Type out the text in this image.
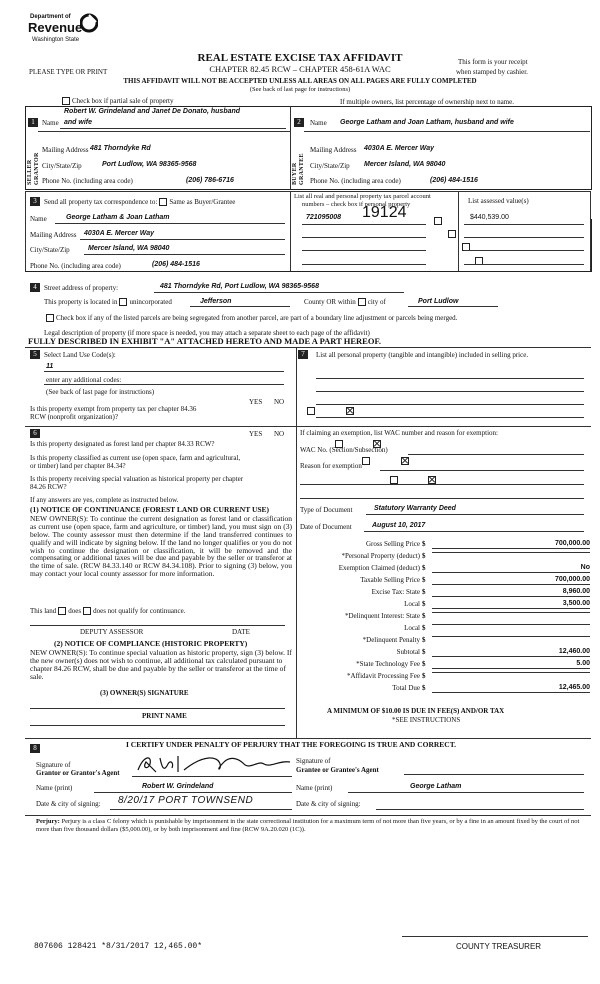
Department of
Revenue
Washington State
REAL ESTATE EXCISE TAX AFFIDAVIT
CHAPTER 82.45 RCW – CHAPTER 458-61A WAC
PLEASE TYPE OR PRINT
This form is your receipt
when stamped by cashier.
THIS AFFIDAVIT WILL NOT BE ACCEPTED UNLESS ALL AREAS ON ALL PAGES ARE FULLY COMPLETED
(See back of last page for instructions)
Check box if partial sale of property	If multiple owners, list percentage of ownership next to name.
1
SELLER GRANTOR
Name
Robert W. Grindeland and Janet De Donato, husband
and wife
Mailing Address 481 Thorndyke Rd
City/State/Zip	Port Ludlow, WA 98365-9568
Phone No. (including area code)	(206) 786-6716
2
BUYER GRANTEE
Name George Latham and Joan Latham, husband and wife
Mailing Address 4030A E. Mercer Way
City/State/Zip Mercer Island, WA 98040
Phone No. (including area code)	(206) 484-1516
3	Send all property tax correspondence to: Same as Buyer/Grantee
Name	George Latham & Joan Latham
Mailing Address 4030A E. Mercer Way
City/State/Zip	Mercer Island, WA 98040
Phone No. (including area code)	(206) 484-1516
List all real and personal property tax parcel account
numbers – check box if personal property	List assessed value(s)
721095008 19124	$440,539.00

4	Street address of property:	481 Thorndyke Rd, Port Ludlow, WA 98365-9568
This property is located in unincorporated	Jefferson	County OR within city of	Port Ludlow
Check box if any of the listed parcels are being segregated from another parcel, are part of a boundary line adjustment or parcels being merged.
Legal description of property (if more space is needed, you may attach a separate sheet to each page of the affidavit)
FULLY DESCRIBED IN EXHIBIT "A" ATTACHED HERETO AND MADE A PART HEREOF.
5	Select Land Use Code(s):
11
enter any additional codes:
(See back of last page for instructions)
YES NO
Is this property exempt from property tax per chapter 84.36 RCW (nonprofit organization)?

7	List all personal property (tangible and intangible) included in selling price.
6	YES NO
Is this property designated as forest land per chapter 84.33 RCW?

Is this property classified as current use (open space, farm and agricultural, or timber) land per chapter 84.34?

Is this property receiving special valuation as historical property per chapter 84.26 RCW?

If any answers are yes, complete as instructed below.
(1) NOTICE OF CONTINUANCE (FOREST LAND OR CURRENT USE)
NEW OWNER(S): To continue the current designation as forest land or classification as current use (open space, farm and agriculture, or timber) land, you must sign on (3) below. The county assessor must then determine if the land transferred continues to qualify and will indicate by signing below. If the land no longer qualifies or you do not wish to continue the designation or classification, it will be removed and the compensating or additional taxes will be due and payable by the seller or transferor at the time of sale. (RCW 84.33.140 or RCW 84.34.108). Prior to signing (3) below, you may contact your local county assessor for more information.
This land does does not qualify for continuance.
DEPUTY ASSESSOR	DATE
(2) NOTICE OF COMPLIANCE (HISTORIC PROPERTY)
NEW OWNER(S): To continue special valuation as historic property, sign (3) below. If the new owner(s) does not wish to continue, all additional tax calculated pursuant to chapter 84.26 RCW, shall be due and payable by the seller or transferor at the time of sale.
(3) OWNER(S) SIGNATURE
PRINT NAME
If claiming an exemption, list WAC number and reason for exemption:
WAC No. (Section/Subsection)
Reason for exemption
Type of Document	Statutory Warranty Deed
Date of Document	August 10, 2017
Gross Selling Price $	700,000.00
*Personal Property (deduct) $
Exemption Claimed (deduct) $	No
Taxable Selling Price $	700,000.00
Excise Tax: State $	8,960.00
Local $	3,500.00
*Delinquent Interest: State $
Local $
*Delinquent Penalty $
Subtotal $	12,460.00
*State Technology Fee $	5.00
*Affidavit Processing Fee $
Total Due $	12,465.00
A MINIMUM OF $10.00 IS DUE IN FEE(S) AND/OR TAX
*SEE INSTRUCTIONS
8	I CERTIFY UNDER PENALTY OF PERJURY THAT THE FOREGOING IS TRUE AND CORRECT.
Signature of
Grantor or Grantor's Agent
Signature of
Grantee or Grantee's Agent
Name (print)	Robert W. Grindeland	Name (print)	George Latham
Date & city of signing: 8/20/17 PORT TOWNSEND	Date & city of signing:
Perjury: Perjury is a class C felony which is punishable by imprisonment in the state correctional institution for a maximum term of not more than five years, or by a fine in an amount fixed by the court of not more than five thousand dollars ($5,000.00), or by both imprisonment and fine (RCW 9A.20.020 (1C)).
807606 128421 *8/31/2017 12,465.00*	COUNTY TREASURER
